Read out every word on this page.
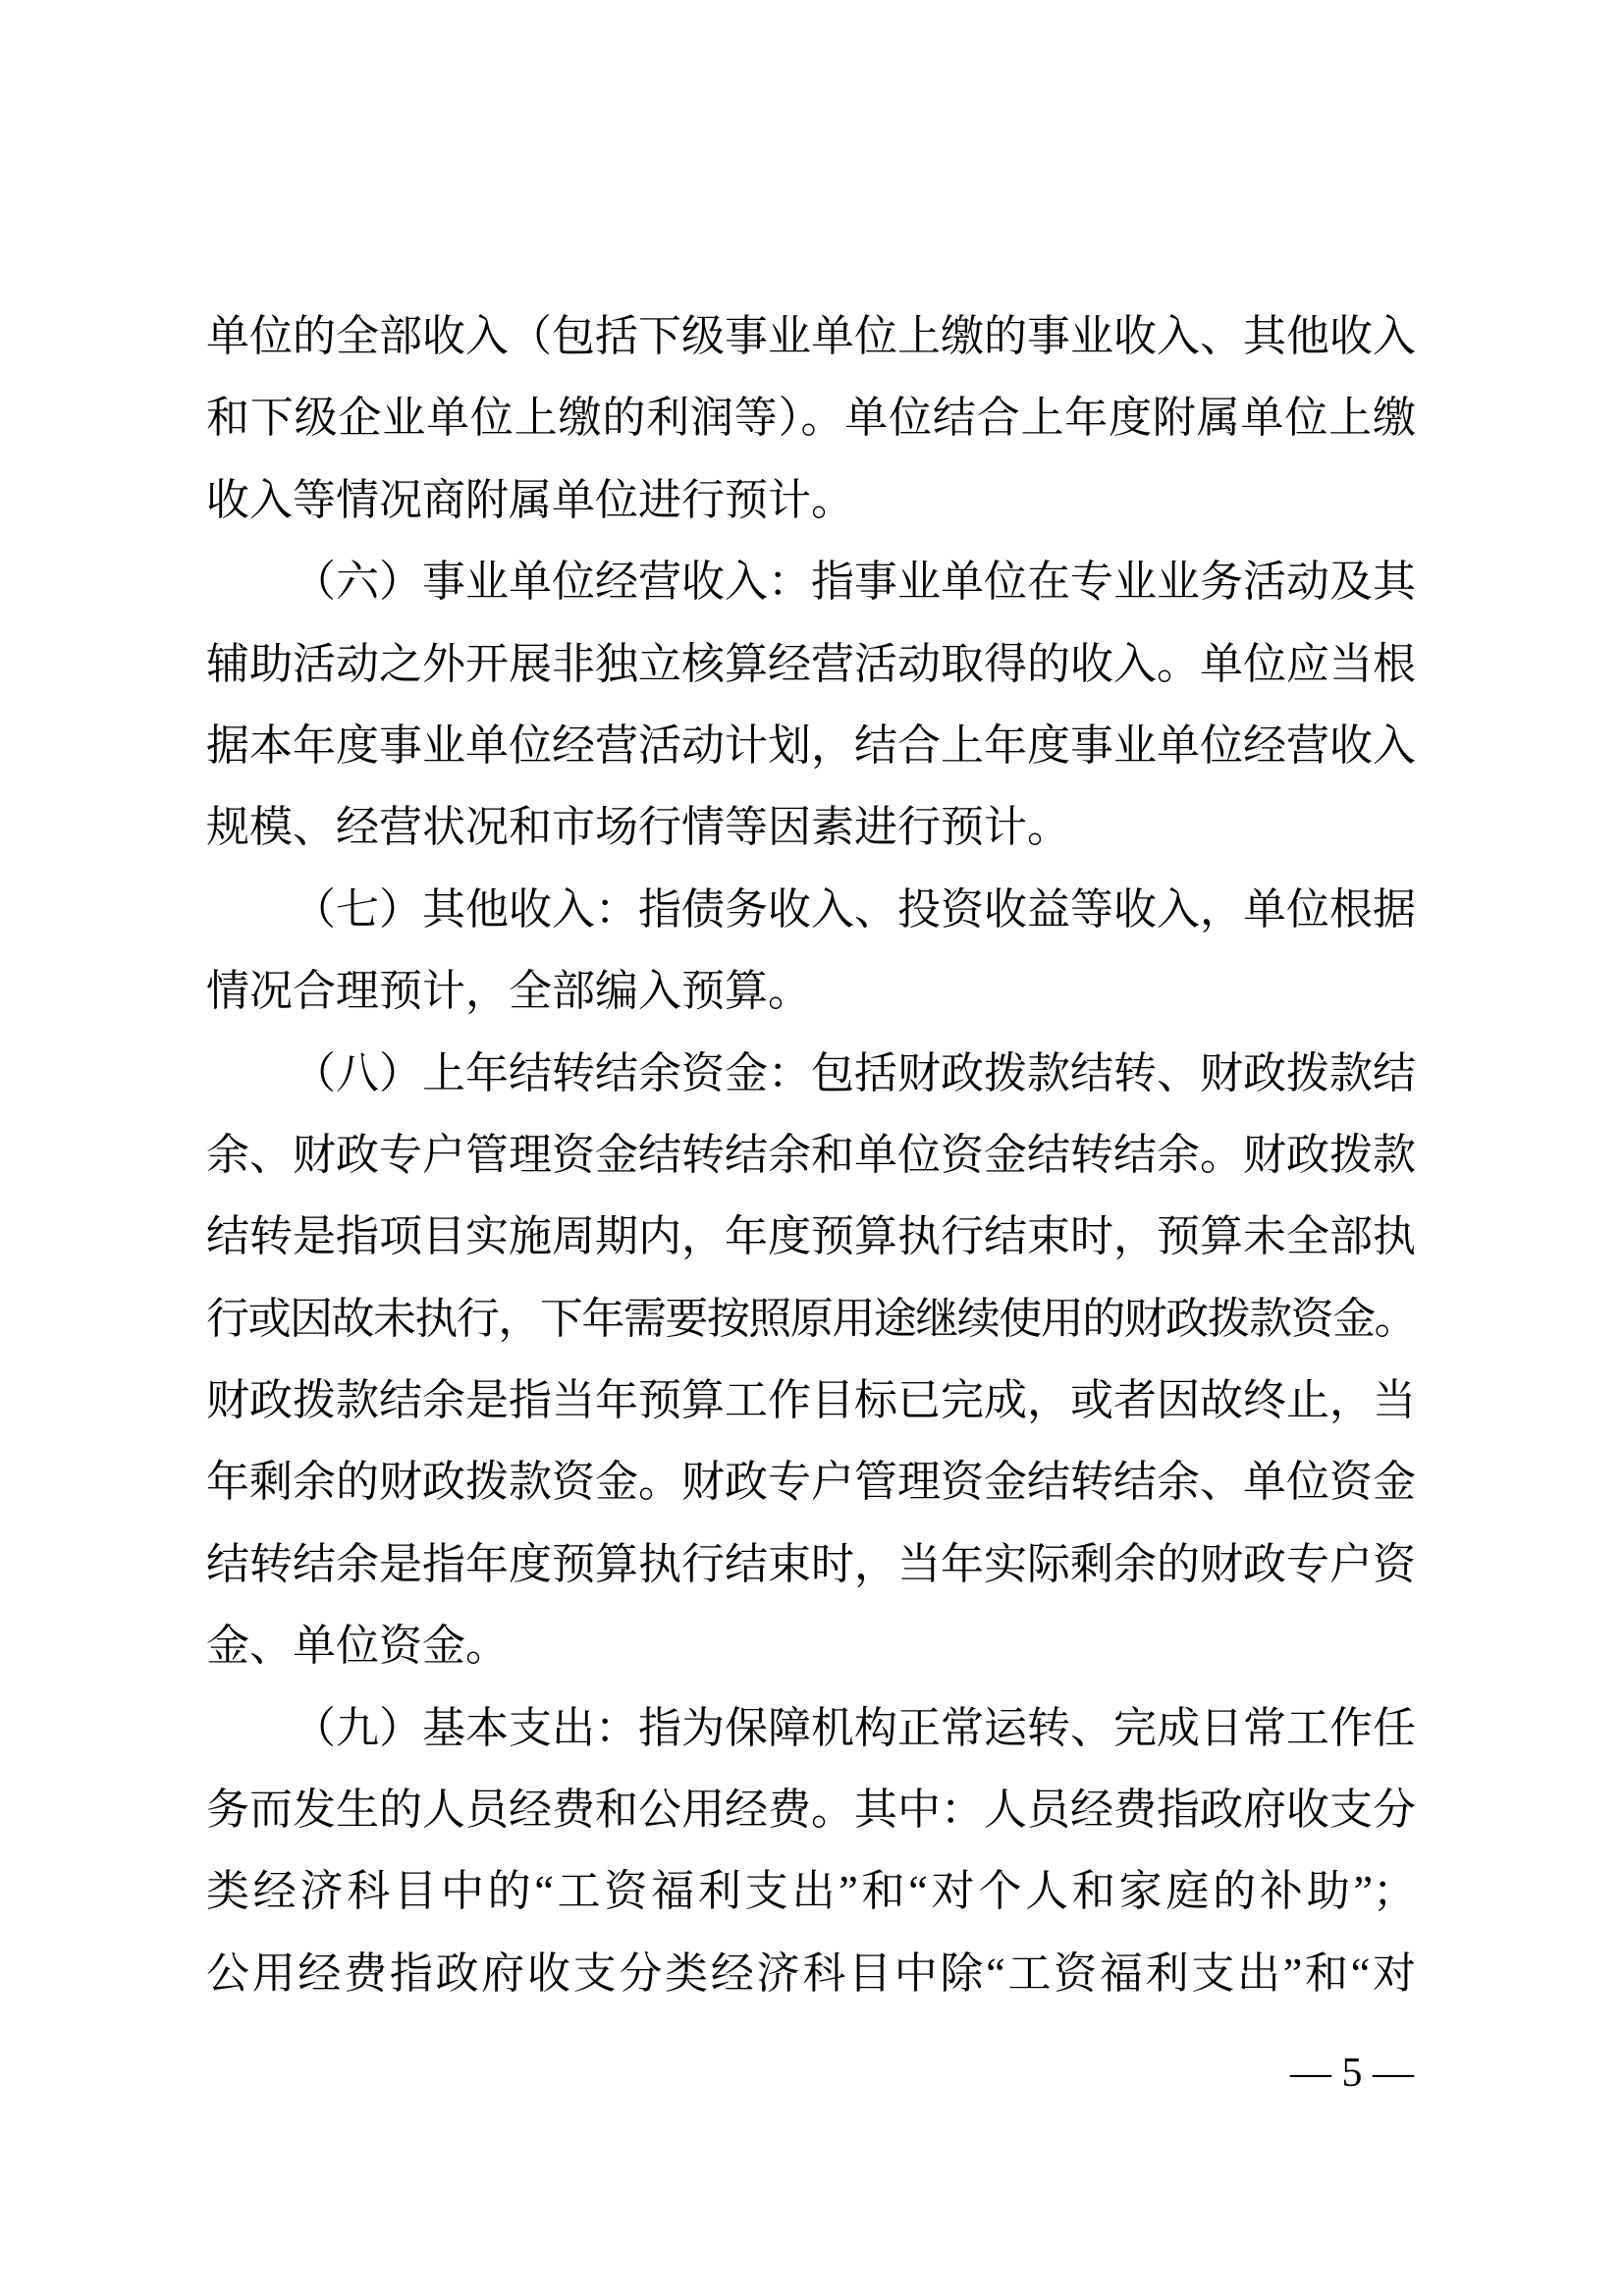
单位的全部收入（包括下级事业单位上缴的事业收入、其他收入
和下级企业单位上缴的利润等）。单位结合上年度附属单位上缴
收入等情况商附属单位进行预计。
（六）事业单位经营收入：指事业单位在专业业务活动及其
辅助活动之外开展非独立核算经营活动取得的收入。单位应当根
据本年度事业单位经营活动计划，结合上年度事业单位经营收入
规模、经营状况和市场行情等因素进行预计。
（七）其他收入：指债务收入、投资收益等收入，单位根据
情况合理预计，全部编入预算。
（八）上年结转结余资金：包括财政拨款结转、财政拨款结
余、财政专户管理资金结转结余和单位资金结转结余。财政拨款
结转是指项目实施周期内，年度预算执行结束时，预算未全部执
行或因故未执行，下年需要按照原用途继续使用的财政拨款资金。
财政拨款结余是指当年预算工作目标已完成，或者因故终止，当
年剩余的财政拨款资金。财政专户管理资金结转结余、单位资金
结转结余是指年度预算执行结束时，当年实际剩余的财政专户资
金、单位资金。
（九）基本支出：指为保障机构正常运转、完成日常工作任
务而发生的人员经费和公用经费。其中：人员经费指政府收支分
类经济科目中的“工资福利支出”和“对个人和家庭的补助”；
公用经费指政府收支分类经济科目中除“工资福利支出”和“对
— 5 —
